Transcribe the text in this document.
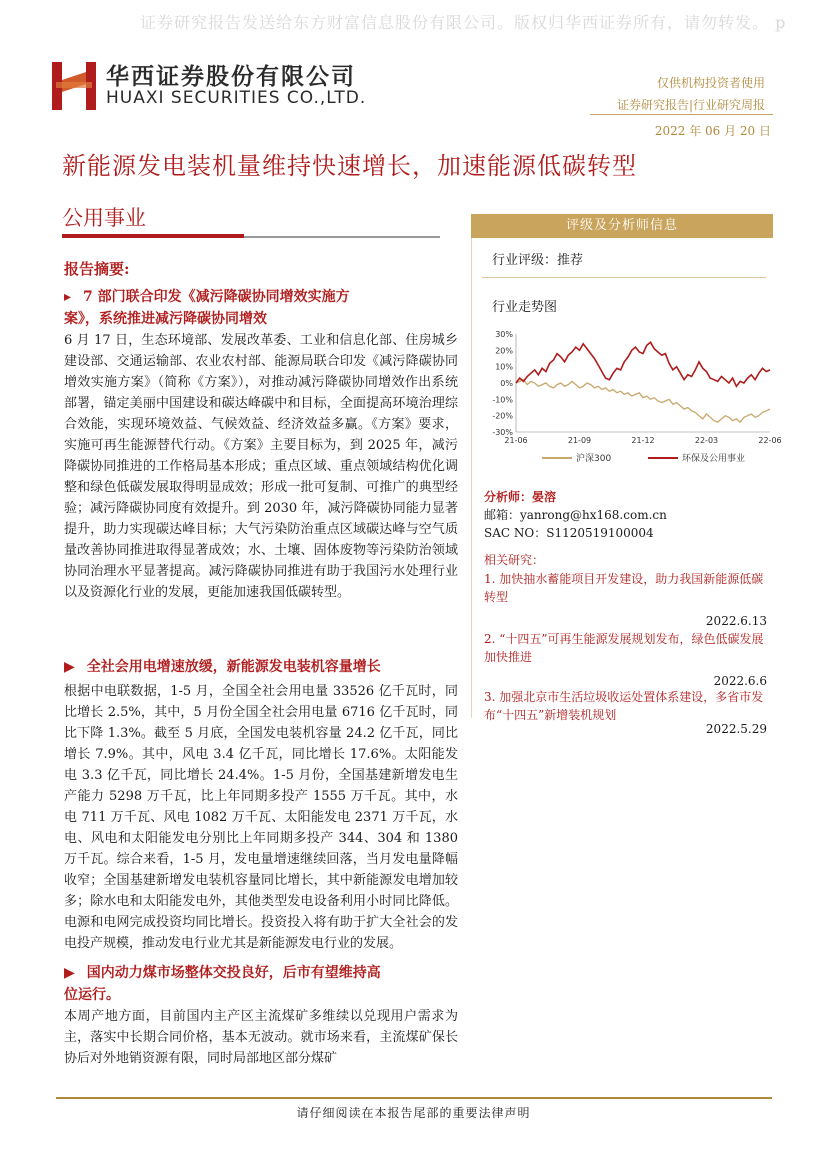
证券研究报告发送给东方财富信息股份有限公司。版权归华西证券所有，请勿转发。 p
华西证券股份有限公司
HUAXI SECURITIES CO.,LTD.
仅供机构投资者使用
证券研究报告|行业研究周报
2022 年 06 月 20 日
新能源发电装机量维持快速增长，加速能源低碳转型
公用事业
报告摘要:
▸ 7 部门联合印发《减污降碳协同增效实施方
案》，系统推进减污降碳协同增效

6 月 17 日，生态环境部、发展改革委、工业和信息化部、住房城乡建设部、交通运输部、农业农村部、能源局联合印发《减污降碳协同增效实施方案》（简称《方案》），对推动减污降碳协同增效作出系统部署，锚定美丽中国建设和碳达峰碳中和目标，全面提高环境治理综合效能，实现环境效益、气候效益、经济效益多赢。《方案》要求，实施可再生能源替代行动。《方案》主要目标为，到 2025 年，减污降碳协同推进的工作格局基本形成；重点区域、重点领域结构优化调整和绿色低碳发展取得明显成效；形成一批可复制、可推广的典型经验；减污降碳协同度有效提升。到 2030 年，减污降碳协同能力显著提升，助力实现碳达峰目标；大气污染防治重点区域碳达峰与空气质量改善协同推进取得显著成效；水、土壤、固体废物等污染防治领域协同治理水平显著提高。减污降碳协同推进有助于我国污水处理行业以及资源化行业的发展，更能加速我国低碳转型。

▶ 全社会用电增速放缓，新能源发电装机容量增长

根据中电联数据，1-5 月，全国全社会用电量 33526 亿千瓦时，同比增长 2.5%，其中，5 月份全国全社会用电量 6716 亿千瓦时，同比下降 1.3%。截至 5 月底，全国发电装机容量 24.2 亿千瓦，同比增长 7.9%。其中，风电 3.4 亿千瓦，同比增长 17.6%。太阳能发电 3.3 亿千瓦，同比增长 24.4%。1-5 月份，全国基建新增发电生产能力 5298 万千瓦，比上年同期多投产 1555 万千瓦。其中，水电 711 万千瓦、风电 1082 万千瓦、太阳能发电 2371 万千瓦，水电、风电和太阳能发电分别比上年同期多投产 344、304 和 1380 万千瓦。综合来看，1-5 月，发电量增速继续回落，当月发电量降幅收窄；全国基建新增发电装机容量同比增长，其中新能源发电增加较多；除水电和太阳能发电外，其他类型发电设备利用小时同比降低。电源和电网完成投资均同比增长。投资投入将有助于扩大全社会的发电投产规模，推动发电行业尤其是新能源发电行业的发展。

▶ 国内动力煤市场整体交投良好，后市有望维持高
位运行。

本周产地方面，目前国内主产区主流煤矿多维续以兑现用户需求为主，落实中长期合同价格，基本无波动。就市场来看，主流煤矿保长协后对外地销资源有限，同时局部地区部分煤矿

评级及分析师信息
行业评级：推荐
行业走势图
30%
20%
10%
0%
-10%
-20%
-30%
21-06	21-09	21-12	22-03	22-06
沪深300	环保及公用事业
分析师：晏溶
邮箱：yanrong@hx168.com.cn
SAC NO：S1120519100004
相关研究：
1. 加快抽水蓄能项目开发建设，助力我国新能源低碳转型
2022.6.13
2. “十四五”可再生能源发展规划发布，绿色低碳发展加快推进
2022.6.6
3. 加强北京市生活垃圾收运处置体系建设，多省市发布“十四五”新增装机规划
2022.5.29
请仔细阅读在本报告尾部的重要法律声明
